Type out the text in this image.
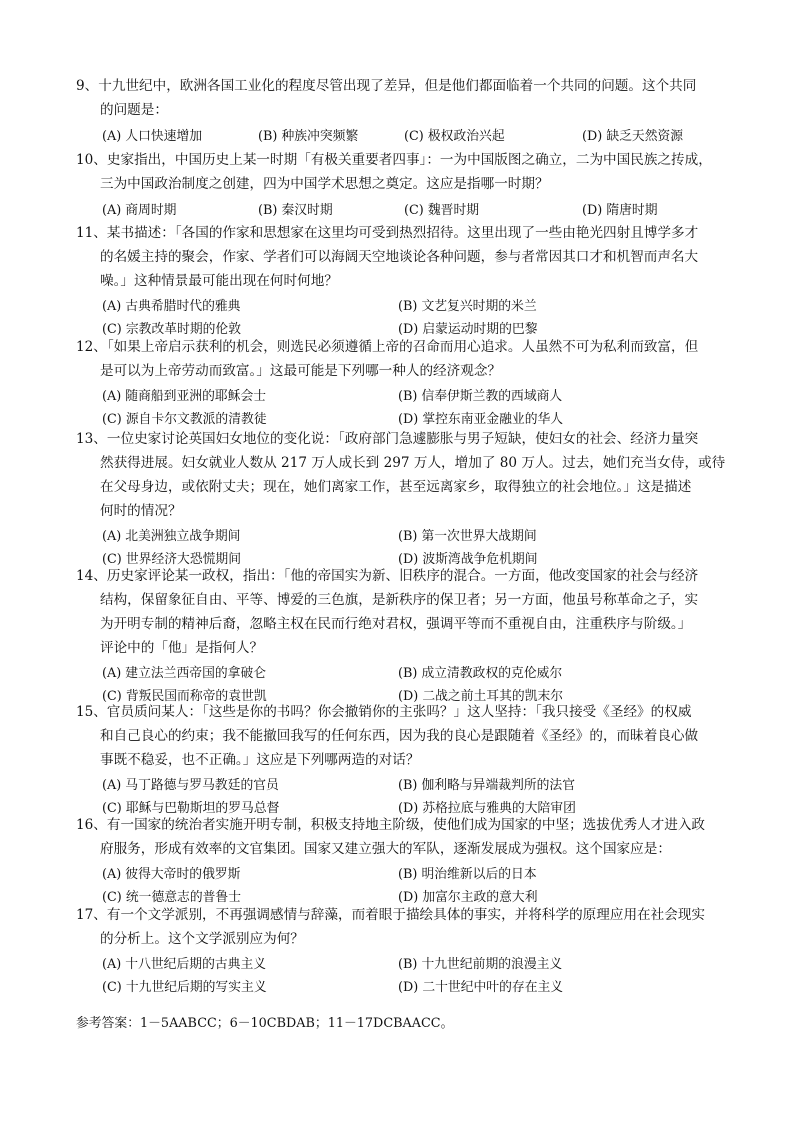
9、十九世纪中，欧洲各国工业化的程度尽管出现了差异，但是他们都面临着一个共同的问题。这个共同
的问题是：
(A) 人口快速增加	(B) 种族冲突频繁	(C) 极权政治兴起	(D) 缺乏天然资源
10、史家指出，中国历史上某一时期「有极关重要者四事」：一为中国版图之确立，二为中国民族之抟成，
三为中国政治制度之创建，四为中国学术思想之奠定。这应是指哪一时期？
(A) 商周时期	(B) 秦汉时期	(C) 魏晋时期	(D) 隋唐时期
11、某书描述：「各国的作家和思想家在这里均可受到热烈招待。这里出现了一些由艳光四射且博学多才
的名媛主持的聚会，作家、学者们可以海阔天空地谈论各种问题，参与者常因其口才和机智而声名大
噪。」这种情景最可能出现在何时何地？
(A) 古典希腊时代的雅典	(B) 文艺复兴时期的米兰
(C) 宗教改革时期的伦敦	(D) 启蒙运动时期的巴黎
12、「如果上帝启示获利的机会，则选民必须遵循上帝的召命而用心追求。人虽然不可为私利而致富，但
是可以为上帝劳动而致富。」这最可能是下列哪一种人的经济观念？
(A) 随商船到亚洲的耶稣会士	(B) 信奉伊斯兰教的西域商人
(C) 源自卡尔文教派的清教徒	(D) 掌控东南亚金融业的华人
13、一位史家讨论英国妇女地位的变化说：「政府部门急遽膨胀与男子短缺，使妇女的社会、经济力量突
然获得进展。妇女就业人数从 217 万人成长到 297 万人，增加了 80 万人。过去，她们充当女侍，或待
在父母身边，或依附丈夫；现在，她们离家工作，甚至远离家乡，取得独立的社会地位。」这是描述
何时的情况？
(A) 北美洲独立战争期间	(B) 第一次世界大战期间
(C) 世界经济大恐慌期间	(D) 波斯湾战争危机期间
14、历史家评论某一政权，指出：「他的帝国实为新、旧秩序的混合。一方面，他改变国家的社会与经济
结构，保留象征自由、平等、博爱的三色旗，是新秩序的保卫者；另一方面，他虽号称革命之子，实
为开明专制的精神后裔，忽略主权在民而行绝对君权，强调平等而不重视自由，注重秩序与阶级。」
评论中的「他」是指何人？
(A) 建立法兰西帝国的拿破仑	(B) 成立清教政权的克伦威尔
(C) 背叛民国而称帝的袁世凯	(D) 二战之前土耳其的凯末尔
15、官员质问某人：「这些是你的书吗？你会撤销你的主张吗？」这人坚持：「我只接受《圣经》的权威
和自己良心的约束；我不能撤回我写的任何东西，因为我的良心是跟随着《圣经》的，而昧着良心做
事既不稳妥，也不正确。」这应是下列哪两造的对话？
(A) 马丁路德与罗马教廷的官员	(B) 伽利略与异端裁判所的法官
(C) 耶稣与巴勒斯坦的罗马总督	(D) 苏格拉底与雅典的大陪审团
16、有一国家的统治者实施开明专制，积极支持地主阶级，使他们成为国家的中坚；选拔优秀人才进入政
府服务，形成有效率的文官集团。国家又建立强大的军队，逐渐发展成为强权。这个国家应是：
(A) 彼得大帝时的俄罗斯	(B) 明治维新以后的日本
(C) 统一德意志的普鲁士	(D) 加富尔主政的意大利
17、有一个文学派别，不再强调感情与辞藻，而着眼于描绘具体的事实，并将科学的原理应用在社会现实
的分析上。这个文学派别应为何？
(A) 十八世纪后期的古典主义	(B) 十九世纪前期的浪漫主义
(C) 十九世纪后期的写实主义	(D) 二十世纪中叶的存在主义
参考答案：1－5AABCC；6－10CBDAB；11－17DCBAACC。
